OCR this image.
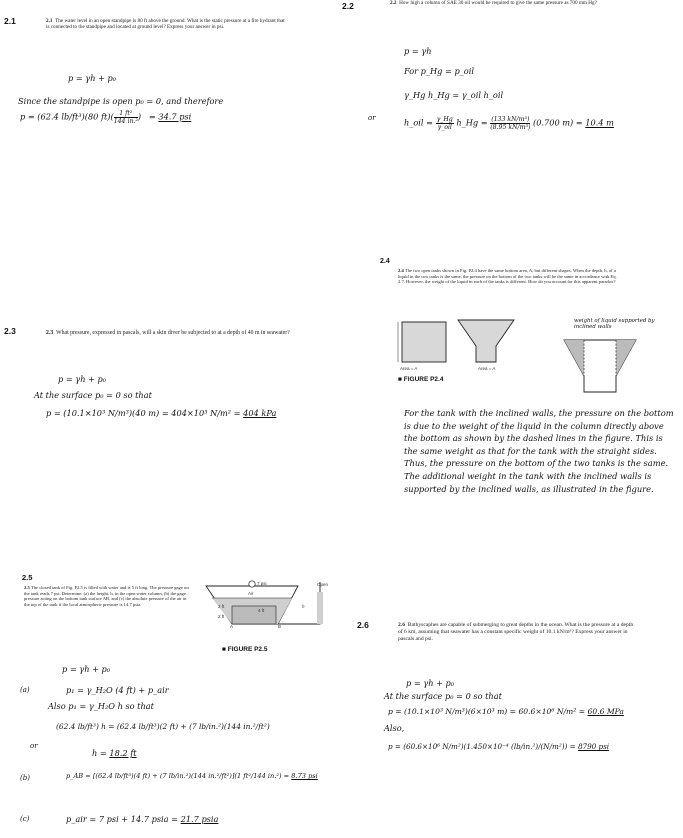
2.1	2.1 The water level in an open standpipe is 80 ft above the ground. What is the static pressure at a fire hydrant that is connected to the standpipe and located at ground level? Express your answer in psi.
p = γh + p₀
Since the standpipe is open p₀ = 0, and therefore
p = (62.4 lb/ft³)(80 $ft)( \frac{\text{1 ft²}}{\text{144 in.²}}$ ) = 34.7 psi
2.2	2.2 How high a column of SAE 30 oil would be required to give the same pressure as 700 mm Hg?
p = γh
For p_Hg = p_oil
γ_Hg h_Hg = γ_oil h_oil
or	h_oil = $\frac{\gamma\_Hg}{\text{γ\_oil}}$ h_Hg = $\frac{\text{(133 kN/m³)}}{\text{(8.95 kN/m³)}} (0.700$ m) = 10.4 m
2.3	2.3 What pressure, expressed in pascals, will a skin diver be subjected to at a depth of 40 m in seawater?
p = γh + p₀
At the surface p₀ = 0 so that
p = (10.1×10³ N/m³)(40 m) = 404×10³ N/m² = 404 kPa
2.4
2.4 The two open tanks shown in Fig. P2.4 have the same bottom area, A, but different shapes. When the depth, h, of a liquid in the two tanks is the same, the pressure on the bottom of the two tanks will be the same in accordance with Eq. 2.7. However, the weight of the liquid in each of the tanks is different. How do you account for this apparent paradox?
Area = A	Area = A
■ FIGURE P2.4
weight of liquid supported by inclined walls
For the tank with the inclined walls, the pressure on the bottom is due to the weight of the liquid in the column directly above the bottom as shown by the dashed lines in the figure. This is the same weight as that for the tank with the straight sides. Thus, the pressure on the bottom of the two tanks is the same. The additional weight in the tank with the inclined walls is supported by the inclined walls, as illustrated in the figure.
2.5
2.5 The closed tank of Fig. P2.5 is filled with water and is 5 ft long. The pressure gage on the tank reads 7 psi. Determine: (a) the height, h, in the open water column, (b) the gage pressure acting on the bottom tank surface AB, and (c) the absolute pressure of the air in the top of the tank if the local atmospheric pressure is 14.7 psia.
Open
7 psi
Air
h
2 ft
2 ft
4 ft
A	B
■ FIGURE P2.5
p = γh + p₀
(a)	p₁ = γ_H₂O (4 ft) + p_air
Also p₁ = γ_H₂O h so that
(62.4 lb/ft³) h = (62.4 lb/ft³)(2 ft) + (7 lb/in.²)(144 in.²/ft²)
or
h = 18.2 ft
(b)	p_AB = [(62.4 lb/ft³)(4 ft) + (7 lb/in.²)(144 in.²/ft²)](1 ft²/144 in.²) = 8.73 psi
(c)	p_air = 7 psi + 14.7 psia = 21.7 psia
2.6	2.6 Bathyscaphes are capable of submerging to great depths in the ocean. What is the pressure at a depth of 6 km, assuming that seawater has a constant specific weight of 10.1 kN/m³? Express your answer in pascals and psi.
p = γh + p₀
At the surface p₀ = 0 so that
p = (10.1×10³ N/m³)(6×10³ m) = 60.6×10⁶ N/m² = 60.6 MPa
Also,
p = (60.6×10⁶ N/m²)(1.450×10⁻⁴ (lb/in.²)/(N/m²)) = 8790 psi
